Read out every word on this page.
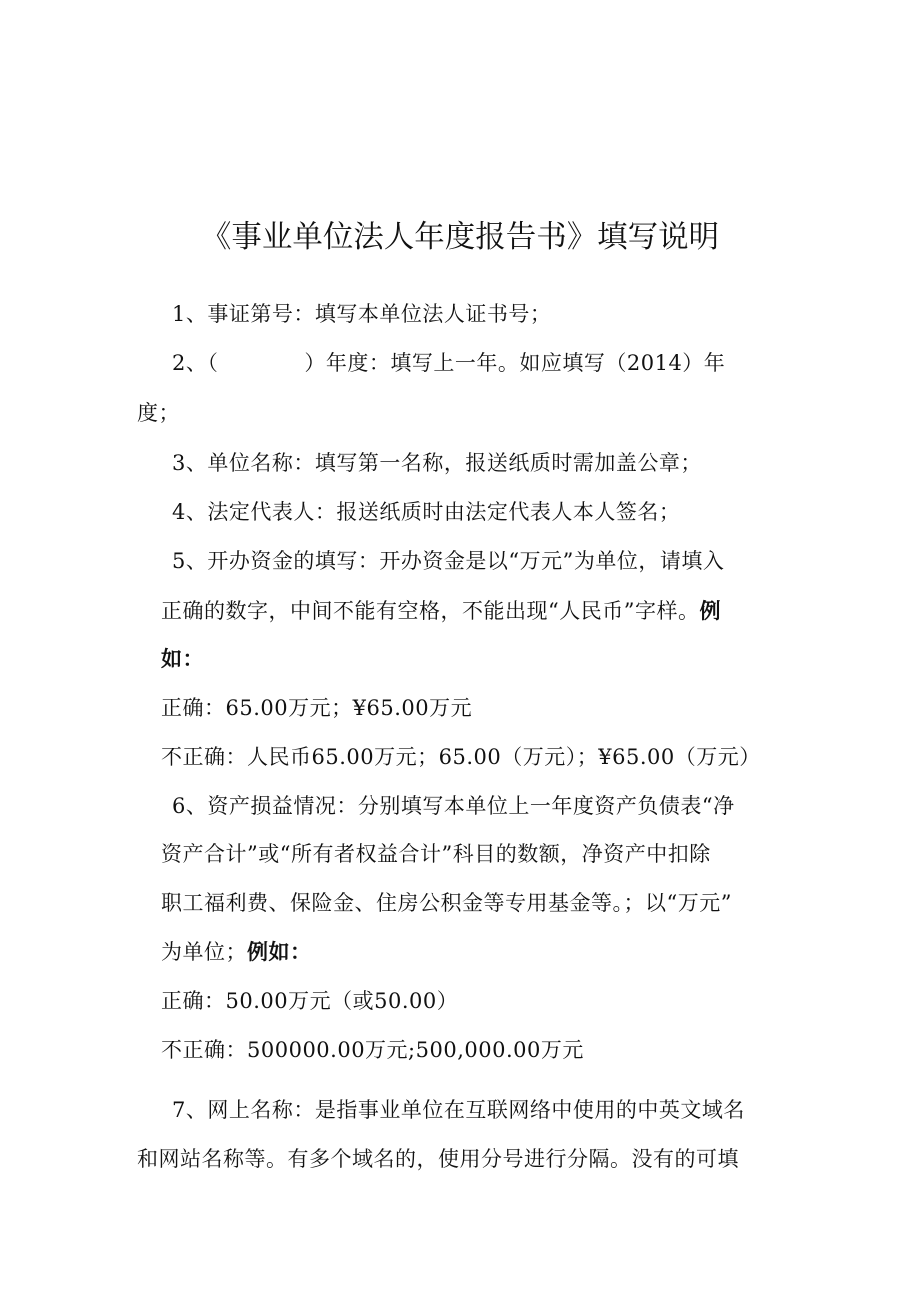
《事业单位法人年度报告书》填写说明
1、事证第号：填写本单位法人证书号；
2、（　　　　）年度：填写上一年。如应填写（2014）年
度；
3、单位名称：填写第一名称，报送纸质时需加盖公章；
4、法定代表人：报送纸质时由法定代表人本人签名；
5、开办资金的填写：开办资金是以“万元”为单位，请填入
正确的数字，中间不能有空格，不能出现“人民币”字样。例
如：
正确：65.00万元；¥65.00万元
不正确：人民币65.00万元；65.00（万元）；¥65.00（万元）
6、资产损益情况：分别填写本单位上一年度资产负债表“净
资产合计”或“所有者权益合计”科目的数额，净资产中扣除
职工福利费、保险金、住房公积金等专用基金等。；以“万元”
为单位；例如：
正确：50.00万元（或50.00）
不正确：500000.00万元;500,000.00万元
7、网上名称：是指事业单位在互联网络中使用的中英文域名
和网站名称等。有多个域名的，使用分号进行分隔。没有的可填
